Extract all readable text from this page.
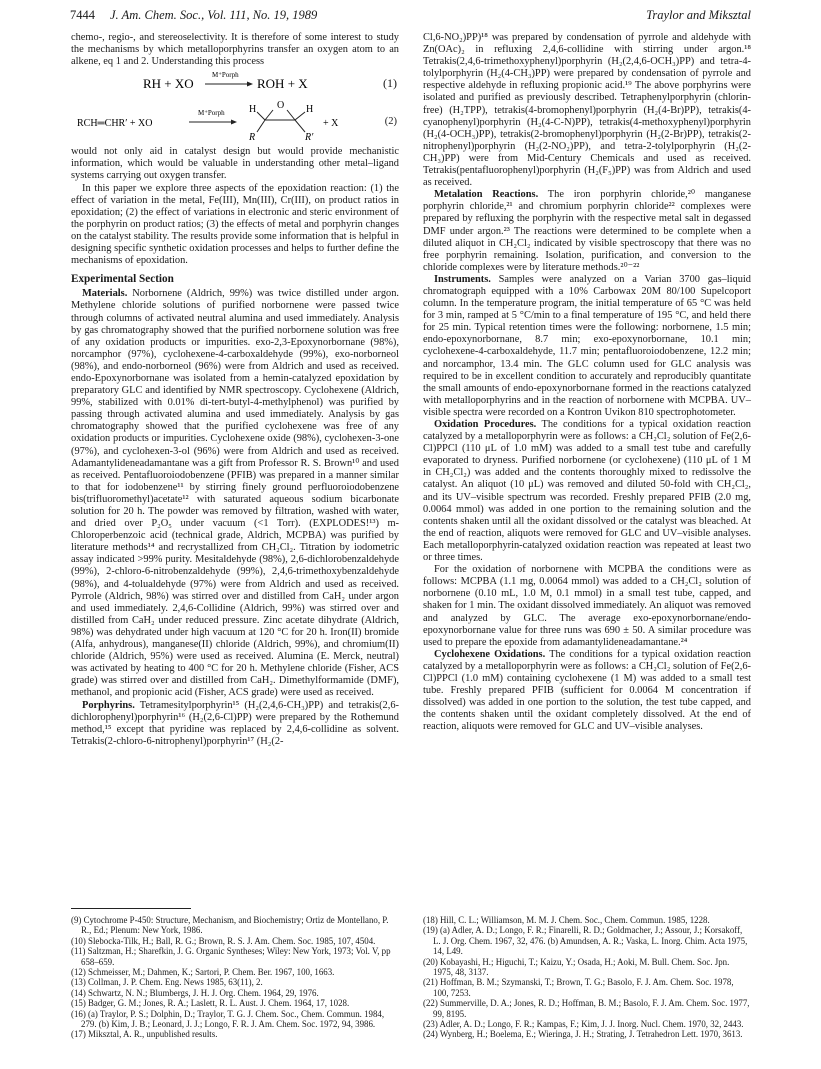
7444 J. Am. Chem. Soc., Vol. 111, No. 19, 1989	Traylor and Miksztal

chemo-, regio-, and stereoselectivity. It is therefore of some interest to study the mechanisms by which metalloporphyrins transfer an oxygen atom to an alkene, eq 1 and 2. Understanding this process

RH + XO
M⁺Porph
ROH + X	(1)
RCH═CHR′ + XO
M⁺Porph
O
H	H
R	R′
+ X	(2)

would not only aid in catalyst design but would provide mechanistic information, which would be valuable in understanding other metal–ligand systems carrying out oxygen transfer.

In this paper we explore three aspects of the epoxidation reaction: (1) the effect of variation in the metal, Fe(III), Mn(III), Cr(III), on product ratios in epoxidation; (2) the effect of variations in electronic and steric environment of the porphyrin on product ratios; (3) the effects of metal and porphyrin changes on the catalyst stability. The results provide some information that is helpful in designing specific synthetic oxidation processes and helps to further define the mechanisms of epoxidation.

Experimental Section

Materials. Norbornene (Aldrich, 99%) was twice distilled under argon. Methylene chloride solutions of purified norbornene were passed twice through columns of activated neutral alumina and used immediately. Analysis by gas chromatography showed that the purified norbornene solution was free of any oxidation products or impurities. exo-2,3-Epoxynorbornane (98%), norcamphor (97%), cyclohexene-4-carboxaldehyde (99%), exo-norborneol (98%), and endo-norborneol (96%) were from Aldrich and used as received. endo-Epoxynorbornane was isolated from a hemin-catalyzed epoxidation by preparatory GLC and identified by NMR spectroscopy. Cyclohexene (Aldrich, 99%, stabilized with 0.01% di-tert-butyl-4-methylphenol) was purified by passing through activated alumina and used immediately. Analysis by gas chromatography showed that the purified cyclohexene was free of any oxidation products or impurities. Cyclohexene oxide (98%), cyclohexen-3-one (97%), and cyclohexen-3-ol (96%) were from Aldrich and used as received. Adamantylideneadamantane was a gift from Professor R. S. Brown¹⁰ and used as received. Pentafluoroiodobenzene (PFIB) was prepared in a manner similar to that for iodobenzene¹¹ by stirring finely ground perfluoroiodobenzene bis(trifluoromethyl)acetate¹² with saturated aqueous sodium bicarbonate solution for 20 h. The powder was removed by filtration, washed with water, and dried over P₂O₅ under vacuum (<1 Torr). (EXPLODES!¹³) m-Chloroperbenzoic acid (technical grade, Aldrich, MCPBA) was purified by literature methods¹⁴ and recrystallized from CH₂Cl₂. Titration by iodometric assay indicated >99% purity. Mesitaldehyde (98%), 2,6-dichlorobenzaldehyde (99%), 2-chloro-6-nitrobenzaldehyde (99%), 2,4,6-trimethoxybenzaldehyde (98%), and 4-tolualdehyde (97%) were from Aldrich and used as received. Pyrrole (Aldrich, 98%) was stirred over and distilled from CaH₂ under argon and used immediately. 2,4,6-Collidine (Aldrich, 99%) was stirred over and distilled from CaH₂ under reduced pressure. Zinc acetate dihydrate (Aldrich, 98%) was dehydrated under high vacuum at 120 °C for 20 h. Iron(II) bromide (Alfa, anhydrous), manganese(II) chloride (Aldrich, 99%), and chromium(II) chloride (Aldrich, 95%) were used as received. Alumina (E. Merck, neutral) was activated by heating to 400 °C for 20 h. Methylene chloride (Fisher, ACS grade) was stirred over and distilled from CaH₂. Dimethylformamide (DMF), methanol, and propionic acid (Fisher, ACS grade) were used as received.

Porphyrins. Tetramesitylporphyrin¹⁵ (H₂(2,4,6-CH₃)PP) and tetrakis(2,6-dichlorophenyl)porphyrin¹⁶ (H₂(2,6-Cl)PP) were prepared by the Rothemund method,¹⁵ except that pyridine was replaced by 2,4,6-collidine as solvent. Tetrakis(2-chloro-6-nitrophenyl)porphyrin¹⁷ (H₂(2-

Cl,6-NO₂)PP)¹⁸ was prepared by condensation of pyrrole and aldehyde with Zn(OAc)₂ in refluxing 2,4,6-collidine with stirring under argon.¹⁸ Tetrakis(2,4,6-trimethoxyphenyl)porphyrin (H₂(2,4,6-OCH₃)PP) and tetra-4-tolylporphyrin (H₂(4-CH₃)PP) were prepared by condensation of pyrrole and respective aldehyde in refluxing propionic acid.¹⁹ The above porphyrins were isolated and purified as previously described. Tetraphenylporphyrin (chlorin-free) (H₂TPP), tetrakis(4-bromophenyl)porphyrin (H₂(4-Br)PP), tetrakis(4-cyanophenyl)porphyrin (H₂(4-C-N)PP), tetrakis(4-methoxyphenyl)porphyrin (H₂(4-OCH₃)PP), tetrakis(2-bromophenyl)porphyrin (H₂(2-Br)PP), tetrakis(2-nitrophenyl)porphyrin (H₂(2-NO₂)PP), and tetra-2-tolylporphyrin (H₂(2-CH₃)PP) were from Mid-Century Chemicals and used as received. Tetrakis(pentafluorophenyl)porphyrin (H₂(F₅)PP) was from Aldrich and used as received.

Metalation Reactions. The iron porphyrin chloride,²⁰ manganese porphyrin chloride,²¹ and chromium porphyrin chloride²² complexes were prepared by refluxing the porphyrin with the respective metal salt in degassed DMF under argon.²³ The reactions were determined to be complete when a diluted aliquot in CH₂Cl₂ indicated by visible spectroscopy that there was no free porphyrin remaining. Isolation, purification, and conversion to the chloride complexes were by literature methods.²⁰⁻²²

Instruments. Samples were analyzed on a Varian 3700 gas–liquid chromatograph equipped with a 10% Carbowax 20M 80/100 Supelcoport column. In the temperature program, the initial temperature of 65 °C was held for 3 min, ramped at 5 °C/min to a final temperature of 195 °C, and held there for 25 min. Typical retention times were the following: norbornene, 1.5 min; endo-epoxynorbornane, 8.7 min; exo-epoxynorbornane, 10.1 min; cyclohexene-4-carboxaldehyde, 11.7 min; pentafluoroiodobenzene, 12.2 min; and norcamphor, 13.4 min. The GLC column used for GLC analysis was required to be in excellent condition to accurately and reproducibly quantitate the small amounts of endo-epoxynorbornane formed in the reactions catalyzed with metalloporphyrins and in the reaction of norbornene with MCPBA. UV–visible spectra were recorded on a Kontron Uvikon 810 spectrophotometer.

Oxidation Procedures. The conditions for a typical oxidation reaction catalyzed by a metalloporphyrin were as follows: a CH₂Cl₂ solution of Fe(2,6-Cl)PPCl (110 μL of 1.0 mM) was added to a small test tube and carefully evaporated to dryness. Purified norbornene (or cyclohexene) (110 μL of 1 M in CH₂Cl₂) was added and the contents thoroughly mixed to redissolve the catalyst. An aliquot (10 μL) was removed and diluted 50-fold with CH₂Cl₂, and its UV–visible spectrum was recorded. Freshly prepared PFIB (2.0 mg, 0.0064 mmol) was added in one portion to the remaining solution and the contents shaken until all the oxidant dissolved or the catalyst was bleached. At the end of reaction, aliquots were removed for GLC and UV–visible analyses. Each metalloporphyrin-catalyzed oxidation reaction was repeated at least two or three times.

For the oxidation of norbornene with MCPBA the conditions were as follows: MCPBA (1.1 mg, 0.0064 mmol) was added to a CH₂Cl₂ solution of norbornene (0.10 mL, 1.0 M, 0.1 mmol) in a small test tube, capped, and shaken for 1 min. The oxidant dissolved immediately. An aliquot was removed and analyzed by GLC. The average exo-epoxynorbornane/endo-epoxynorbornane value for three runs was 690 ± 50. A similar procedure was used to prepare the epoxide from adamantylideneadamantane.²⁴

Cyclohexene Oxidations. The conditions for a typical oxidation reaction catalyzed by a metalloporphyrin were as follows: a CH₂Cl₂ solution of Fe(2,6-Cl)PPCl (1.0 mM) containing cyclohexene (1 M) was added to a small test tube. Freshly prepared PFIB (sufficient for 0.0064 M concentration if dissolved) was added in one portion to the solution, the test tube capped, and the contents shaken until the oxidant completely dissolved. At the end of reaction, aliquots were removed for GLC and UV–visible analyses.

(9) Cytochrome P-450: Structure, Mechanism, and Biochemistry; Ortiz de Montellano, P. R., Ed.; Plenum: New York, 1986.

(10) Slebocka-Tilk, H.; Ball, R. G.; Brown, R. S. J. Am. Chem. Soc. 1985, 107, 4504.

(11) Saltzman, H.; Sharefkin, J. G. Organic Syntheses; Wiley: New York, 1973; Vol. V, pp 658–659.

(12) Schmeisser, M.; Dahmen, K.; Sartori, P. Chem. Ber. 1967, 100, 1663.

(13) Collman, J. P. Chem. Eng. News 1985, 63(11), 2.

(14) Schwartz, N. N.; Blumbergs, J. H. J. Org. Chem. 1964, 29, 1976.

(15) Badger, G. M.; Jones, R. A.; Laslett, R. L. Aust. J. Chem. 1964, 17, 1028.

(16) (a) Traylor, P. S.; Dolphin, D.; Traylor, T. G. J. Chem. Soc., Chem. Commun. 1984, 279. (b) Kim, J. B.; Leonard, J. J.; Longo, F. R. J. Am. Chem. Soc. 1972, 94, 3986.

(17) Miksztal, A. R., unpublished results.

(18) Hill, C. L.; Williamson, M. M. J. Chem. Soc., Chem. Commun. 1985, 1228.

(19) (a) Adler, A. D.; Longo, F. R.; Finarelli, R. D.; Goldmacher, J.; Assour, J.; Korsakoff, L. J. Org. Chem. 1967, 32, 476. (b) Amundsen, A. R.; Vaska, L. Inorg. Chim. Acta 1975, 14, L49.

(20) Kobayashi, H.; Higuchi, T.; Kaizu, Y.; Osada, H.; Aoki, M. Bull. Chem. Soc. Jpn. 1975, 48, 3137.

(21) Hoffman, B. M.; Szymanski, T.; Brown, T. G.; Basolo, F. J. Am. Chem. Soc. 1978, 100, 7253.

(22) Summerville, D. A.; Jones, R. D.; Hoffman, B. M.; Basolo, F. J. Am. Chem. Soc. 1977, 99, 8195.

(23) Adler, A. D.; Longo, F. R.; Kampas, F.; Kim, J. J. Inorg. Nucl. Chem. 1970, 32, 2443.

(24) Wynberg, H.; Boelema, E.; Wieringa, J. H.; Strating, J. Tetrahedron Lett. 1970, 3613.
